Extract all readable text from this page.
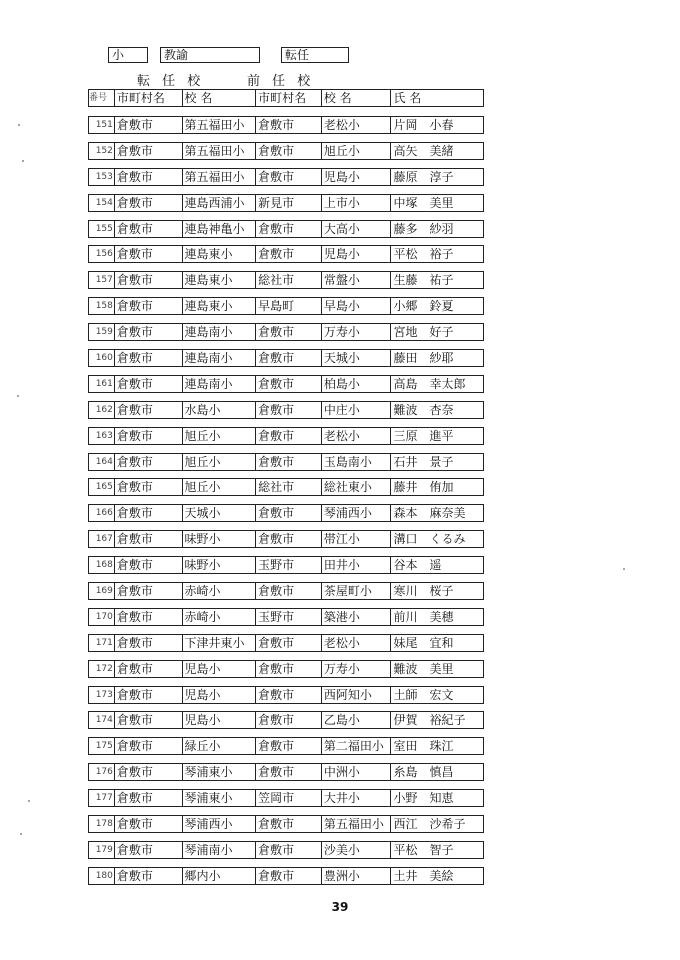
小	教諭	転任
転 任 校	前 任 校
番号 市町村名	校 名	市町村名	校 名	氏 名
151 倉敷市	第五福田小	倉敷市	老松小	片岡　小春
152 倉敷市	第五福田小	倉敷市	旭丘小	高矢　美緒
153 倉敷市	第五福田小	倉敷市	児島小	藤原　淳子
154 倉敷市	連島西浦小	新見市	上市小	中塚　美里
155 倉敷市	連島神亀小	倉敷市	大高小	藤多　紗羽
156 倉敷市	連島東小	倉敷市	児島小	平松　裕子
157 倉敷市	連島東小	総社市	常盤小	生藤　祐子
158 倉敷市	連島東小	早島町	早島小	小郷　鈴夏
159 倉敷市	連島南小	倉敷市	万寿小	宮地　好子
160 倉敷市	連島南小	倉敷市	天城小	藤田　紗耶
161 倉敷市	連島南小	倉敷市	柏島小	高島　幸太郎
162 倉敷市	水島小	倉敷市	中庄小	難波　杏奈
163 倉敷市	旭丘小	倉敷市	老松小	三原　進平
164 倉敷市	旭丘小	倉敷市	玉島南小	石井　景子
165 倉敷市	旭丘小	総社市	総社東小	藤井　侑加
166 倉敷市	天城小	倉敷市	琴浦西小	森本　麻奈美
167 倉敷市	味野小	倉敷市	帯江小	溝口　くるみ
168 倉敷市	味野小	玉野市	田井小	谷本　遥
169 倉敷市	赤崎小	倉敷市	茶屋町小	寒川　桜子
170 倉敷市	赤崎小	玉野市	築港小	前川　美穂
171 倉敷市	下津井東小	倉敷市	老松小	妹尾　宜和
172 倉敷市	児島小	倉敷市	万寿小	難波　美里
173 倉敷市	児島小	倉敷市	西阿知小	土師　宏文
174 倉敷市	児島小	倉敷市	乙島小	伊賀　裕紀子
175 倉敷市	緑丘小	倉敷市	第二福田小 室田　珠江
176 倉敷市	琴浦東小	倉敷市	中洲小	糸島　慎昌
177 倉敷市	琴浦東小	笠岡市	大井小	小野　知恵
178 倉敷市	琴浦西小	倉敷市	第五福田小 西江　沙希子
179 倉敷市	琴浦南小	倉敷市	沙美小	平松　智子
180 倉敷市	郷内小	倉敷市	豊洲小	土井　美絵
39
